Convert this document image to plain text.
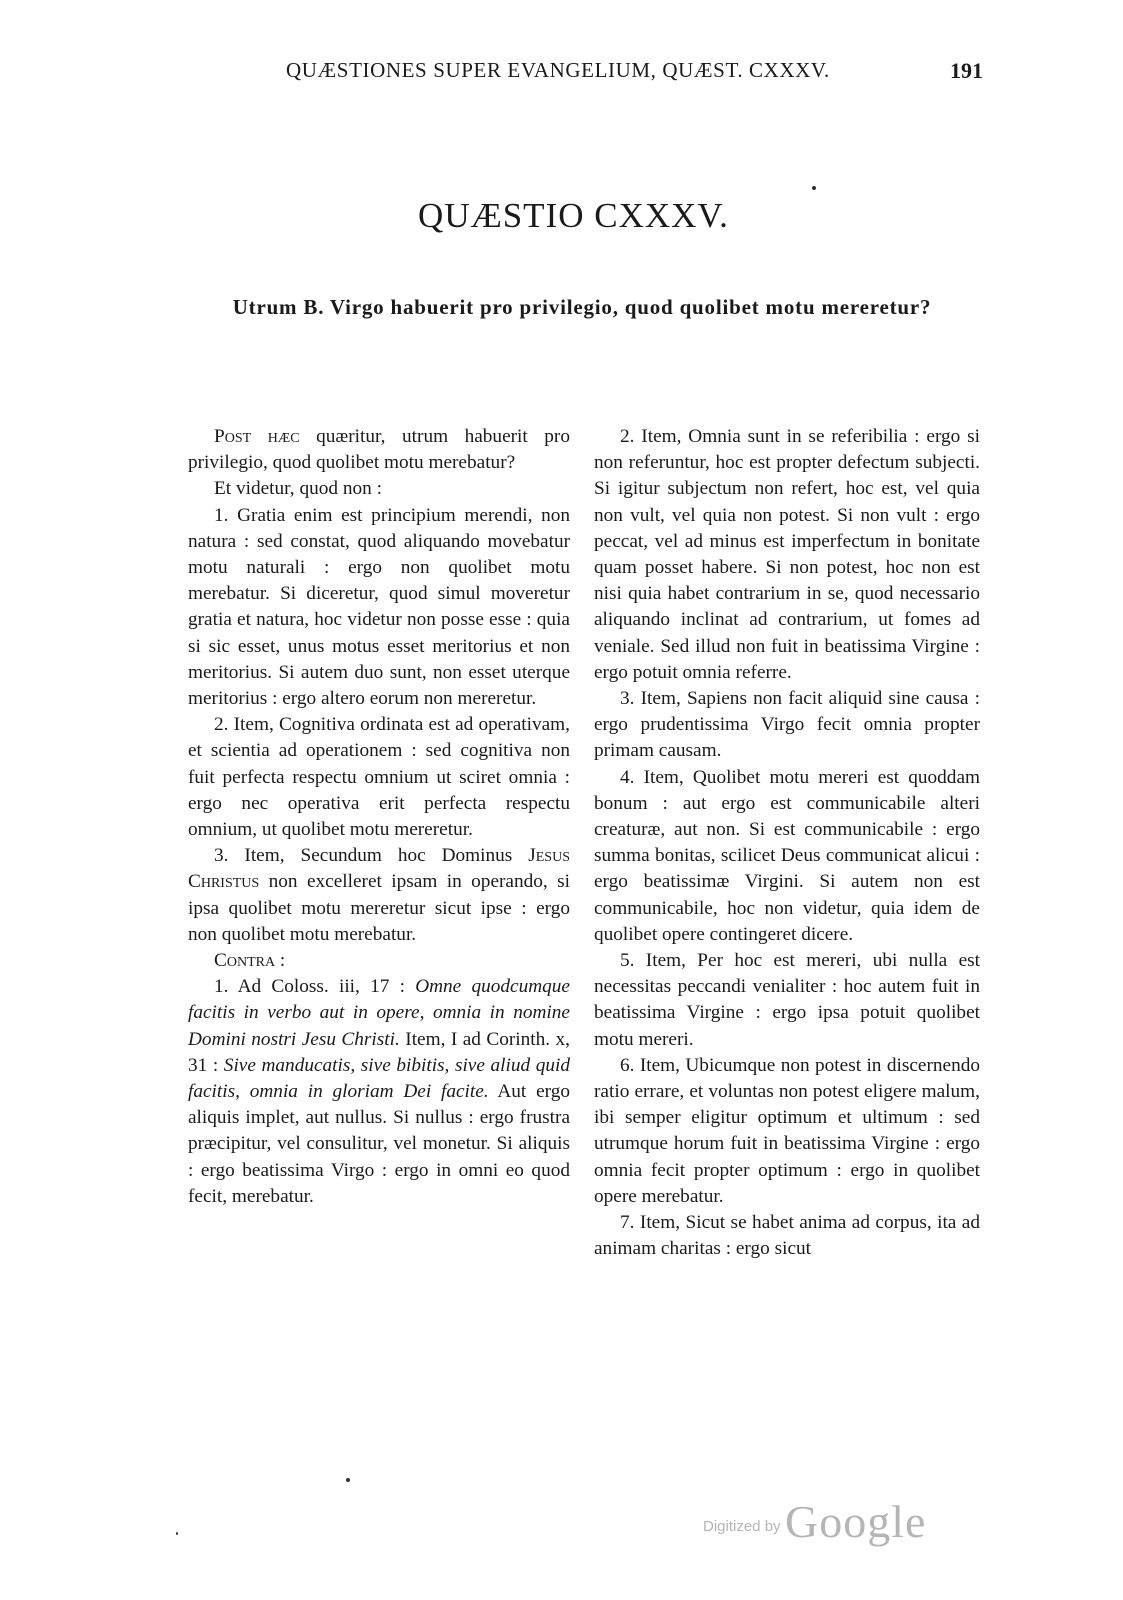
QUÆSTIONES SUPER EVANGELIUM, QUÆST. CXXXV.	191
QUÆSTIO CXXXV.
Utrum B. Virgo habuerit pro privilegio, quod quolibet motu mereretur?

Post hæc quæritur, utrum habuerit pro privilegio, quod quolibet motu merebatur?

Et videtur, quod non :

1. Gratia enim est principium merendi, non natura : sed constat, quod aliquando movebatur motu naturali : ergo non quolibet motu merebatur. Si diceretur, quod simul moveretur gratia et natura, hoc videtur non posse esse : quia si sic esset, unus motus esset meritorius et non meritorius. Si autem duo sunt, non esset uterque meritorius : ergo altero eorum non mereretur.

2. Item, Cognitiva ordinata est ad operativam, et scientia ad operationem : sed cognitiva non fuit perfecta respectu omnium ut sciret omnia : ergo nec operativa erit perfecta respectu omnium, ut quolibet motu mereretur.

3. Item, Secundum hoc Dominus Jesus Christus non excelleret ipsam in operando, si ipsa quolibet motu mereretur sicut ipse : ergo non quolibet motu merebatur.

Contra :

1. Ad Coloss. iii, 17 : Omne quodcumque facitis in verbo aut in opere, omnia in nomine Domini nostri Jesu Christi. Item, I ad Corinth. x, 31 : Sive manducatis, sive bibitis, sive aliud quid facitis, omnia in gloriam Dei facite. Aut ergo aliquis implet, aut nullus. Si nullus : ergo frustra præcipitur, vel consulitur, vel monetur. Si aliquis : ergo beatissima Virgo : ergo in omni eo quod fecit, merebatur.

2. Item, Omnia sunt in se referibilia : ergo si non referuntur, hoc est propter defectum subjecti. Si igitur subjectum non refert, hoc est, vel quia non vult, vel quia non potest. Si non vult : ergo peccat, vel ad minus est imperfectum in bonitate quam posset habere. Si non potest, hoc non est nisi quia habet contrarium in se, quod necessario aliquando inclinat ad contrarium, ut fomes ad veniale. Sed illud non fuit in beatissima Virgine : ergo potuit omnia referre.

3. Item, Sapiens non facit aliquid sine causa : ergo prudentissima Virgo fecit omnia propter primam causam.

4. Item, Quolibet motu mereri est quoddam bonum : aut ergo est communicabile alteri creaturæ, aut non. Si est communicabile : ergo summa bonitas, scilicet Deus communicat alicui : ergo beatissimæ Virgini. Si autem non est communicabile, hoc non videtur, quia idem de quolibet opere contingeret dicere.

5. Item, Per hoc est mereri, ubi nulla est necessitas peccandi venialiter : hoc autem fuit in beatissima Virgine : ergo ipsa potuit quolibet motu mereri.

6. Item, Ubicumque non potest in discernendo ratio errare, et voluntas non potest eligere malum, ibi semper eligitur optimum et ultimum : sed utrumque horum fuit in beatissima Virgine : ergo omnia fecit propter optimum : ergo in quolibet opere merebatur.

7. Item, Sicut se habet anima ad corpus, ita ad animam charitas : ergo sicut

Digitized by Google
